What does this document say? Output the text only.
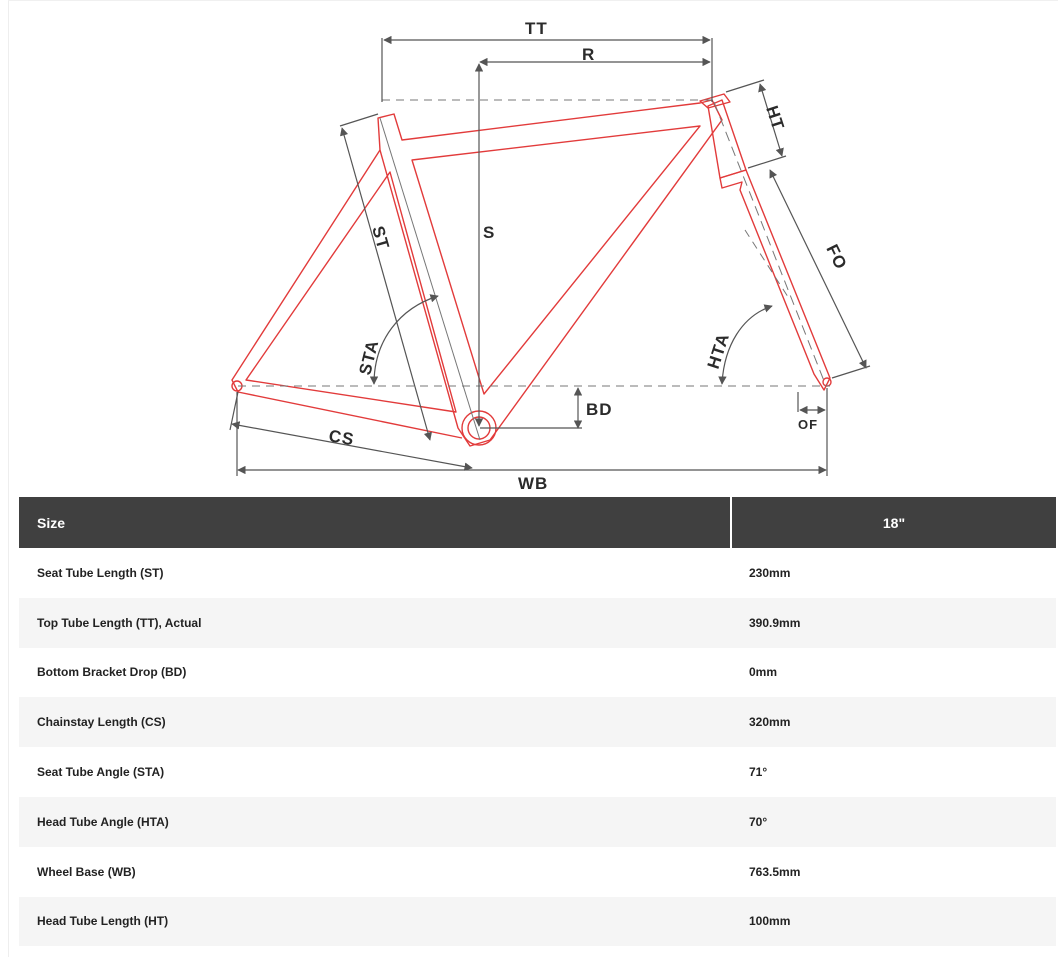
TT
R
S
HT
FO
ST
STA	HTA
BD
CS
OF
WB
Size	18"
Seat Tube Length (ST)	230mm
Top Tube Length (TT), Actual	390.9mm
Bottom Bracket Drop (BD)	0mm
Chainstay Length (CS)	320mm
Seat Tube Angle (STA)	71°
Head Tube Angle (HTA)	70°
Wheel Base (WB)	763.5mm
Head Tube Length (HT)	100mm
